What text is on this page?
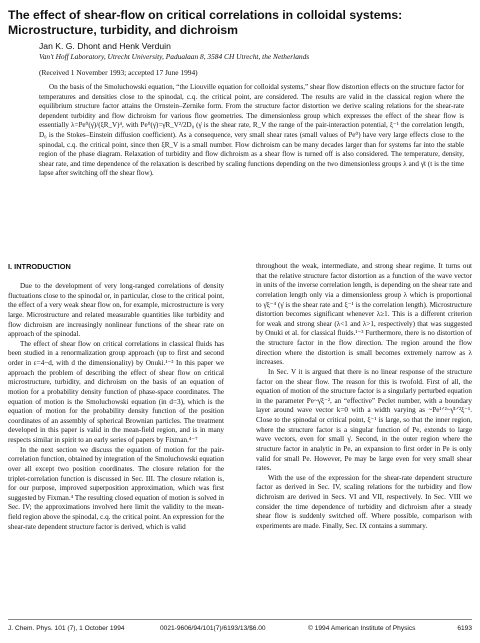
The effect of shear-flow on critical correlations in colloidal systems: Microstructure, turbidity, and dichroism
Jan K. G. Dhont and Henk Verduin
Van't Hoff Laboratory, Utrecht University, Padualaan 8, 3584 CH Utrecht, the Netherlands
(Received 1 November 1993; accepted 17 June 1994)

On the basis of the Smoluchowski equation, “the Liouville equation for colloidal systems,” shear flow distortion effects on the structure factor for temperatures and densities close to the spinodal, c.q. the critical point, are considered. The results are valid in the classical region where the equilibrium structure factor attains the Ornstein–Zernike form. From the structure factor distortion we derive scaling relations for the shear-rate dependent turbidity and flow dichroism for various flow geometries. The dimensionless group which expresses the effect of the shear flow is essentially λ=Pe⁰(γ̇)/(ξR_V)⁴, with Pe⁰(γ̇)=γ̇R_V²/2D₀ (γ̇ is the shear rate, R_V the range of the pair-interaction potential, ξ⁻¹ the correlation length, D₀ is the Stokes–Einstein diffusion coefficient). As a consequence, very small shear rates (small values of Pe⁰) have very large effects close to the spinodal, c.q. the critical point, since then ξR_V is a small number. Flow dichroism can be many decades larger than for systems far into the stable region of the phase diagram. Relaxation of turbidity and flow dichroism as a shear flow is turned off is also considered. The temperature, density, shear rate, and time dependence of the relaxation is described by scaling functions depending on the two dimensionless groups λ and γ̇t (t is the time lapse after switching off the shear flow).

I. INTRODUCTION

Due to the development of very long-ranged correlations of density fluctuations close to the spinodal or, in particular, close to the critical point, the effect of a very weak shear flow on, for example, microstructure is very large. Microstructure and related measurable quantities like turbidity and flow dichroism are increasingly nonlinear functions of the shear rate on approach of the spinodal.

The effect of shear flow on critical correlations in classical fluids has been studied in a renormalization group approach (up to first and second order in ε=4−d, with d the dimensionality) by Onuki.¹⁻³ In this paper we approach the problem of describing the effect of shear flow on critical microstructure, turbidity, and dichroism on the basis of an equation of motion for a probability density function of phase-space coordinates. The equation of motion is the Smoluchowski equation (in d=3), which is the equation of motion for the probability density function of the position coordinates of an assembly of spherical Brownian particles. The treatment developed in this paper is valid in the mean-field region, and is in many respects similar in spirit to an early series of papers by Fixman.⁴⁻⁷

In the next section we discuss the equation of motion for the pair-correlation function, obtained by integration of the Smoluchowski equation over all except two position coordinates. The closure relation for the triplet-correlation function is discussed in Sec. III. The closure relation is, for our purpose, improved superposition approximation, which was first suggested by Fixman.⁴ The resulting closed equation of motion is solved in Sec. IV; the approximations involved here limit the validity to the mean-field region above the spinodal, c.q. the critical point. An expression for the shear-rate dependent structure factor is derived, which is valid

throughout the weak, intermediate, and strong shear regime. It turns out that the relative structure factor distortion as a function of the wave vector in units of the inverse correlation length, is depending on the shear rate and correlation length only via a dimensionless group λ which is proportional to γ̇ξ⁻⁴ (γ̇ is the shear rate and ξ⁻¹ is the correlation length). Microstructure distortion becomes significant whenever λ≥1. This is a different criterion for weak and strong shear (λ<1 and λ>1, respectively) that was suggested by Onuki et al. for classical fluids.¹⁻³ Furthermore, there is no distortion of the structure factor in the flow direction. The region around the flow direction where the distortion is small becomes extremely narrow as λ increases.

In Sec. V it is argued that there is no linear response of the structure factor on the shear flow. The reason for this is twofold. First of all, the equation of motion of the structure factor is a singularly perturbed equation in the parameter Pe~γ̇ξ⁻², an “effective” Peclet number, with a boundary layer around wave vector k=0 with a width varying as ~Pe¹ᐟ²~γ̇¹ᐟ²ξ⁻¹. Close to the spinodal or critical point, ξ⁻¹ is large, so that the inner region, where the structure factor is a singular function of Pe, extends to large wave vectors, even for small γ̇. Second, in the outer region where the structure factor in analytic in Pe, an expansion to first order in Pe is only valid for small Pe. However, Pe may be large even for very small shear rates.

With the use of the expression for the shear-rate dependent structure factor as derived in Sec. IV, scaling relations for the turbidity and flow dichroism are derived in Secs. VI and VII, respectively. In Sec. VIII we consider the time dependence of turbidity and dichroism after a steady shear flow is suddenly switched off. Where possible, comparison with experiments are made. Finally, Sec. IX contains a summary.

J. Chem. Phys. 101 (7), 1 October 1994	0021-9606/94/101(7)/6193/13/$6.00	© 1994 American Institute of Physics	6193
